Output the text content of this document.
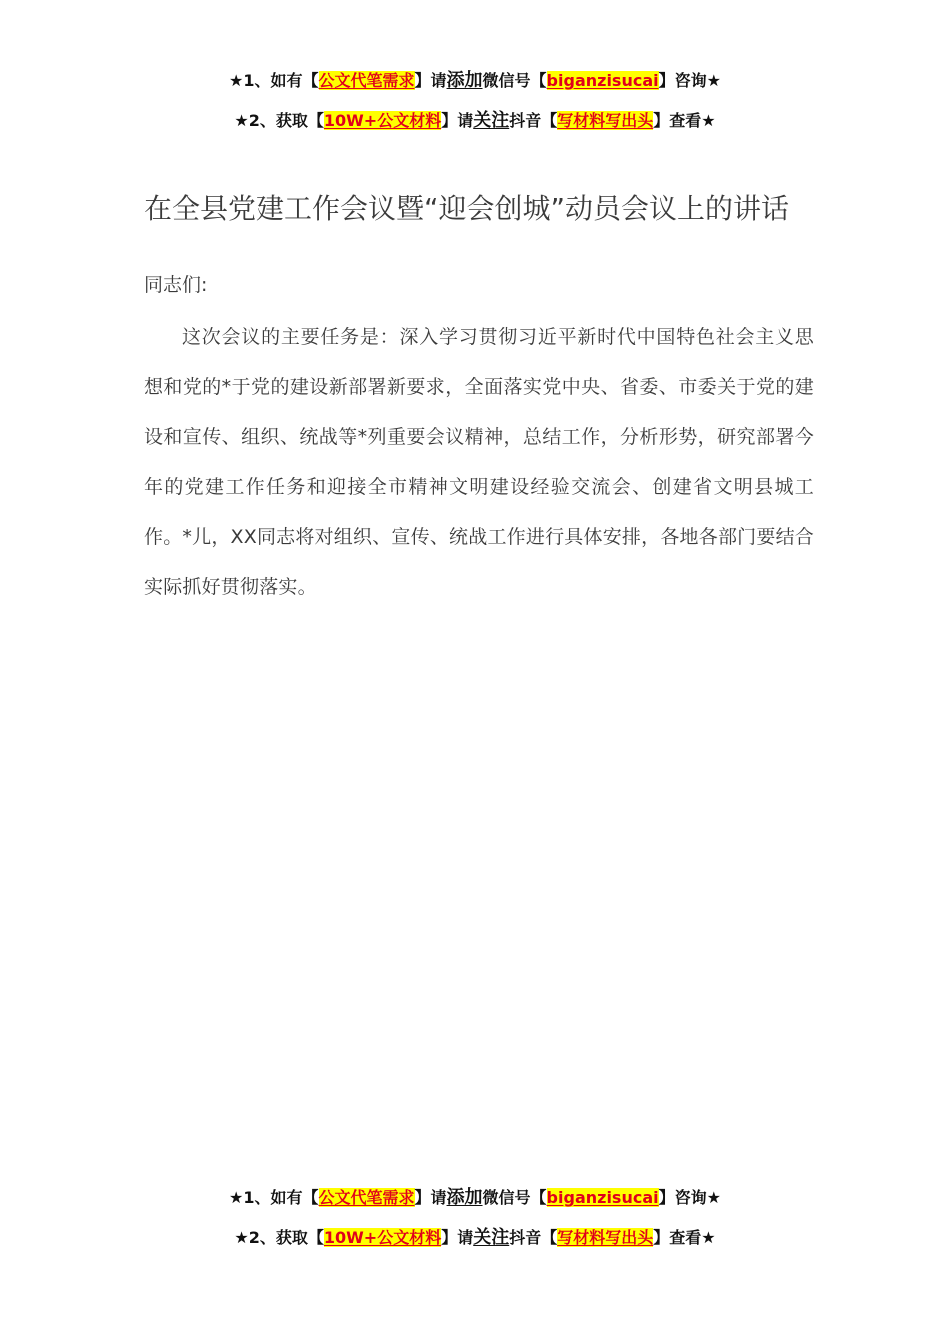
★1、如有【公文代笔需求】请添加微信号【biganzisucai】咨询★
★2、获取【10W+公文材料】请关注抖音【写材料写出头】查看★
在全县党建工作会议暨“迎会创城”动员会议上的讲话
同志们:
这次会议的主要任务是：深入学习贯彻习近平新时代中国特色社会主义思想和党的*于党的建设新部署新要求，全面落实党中央、省委、市委关于党的建设和宣传、组织、统战等*列重要会议精神，总结工作，分析形势，研究部署今年的党建工作任务和迎接全市精神文明建设经验交流会、创建省文明县城工作。*儿，XX同志将对组织、宣传、统战工作进行具体安排，各地各部门要结合实际抓好贯彻落实。
★1、如有【公文代笔需求】请添加微信号【biganzisucai】咨询★
★2、获取【10W+公文材料】请关注抖音【写材料写出头】查看★
